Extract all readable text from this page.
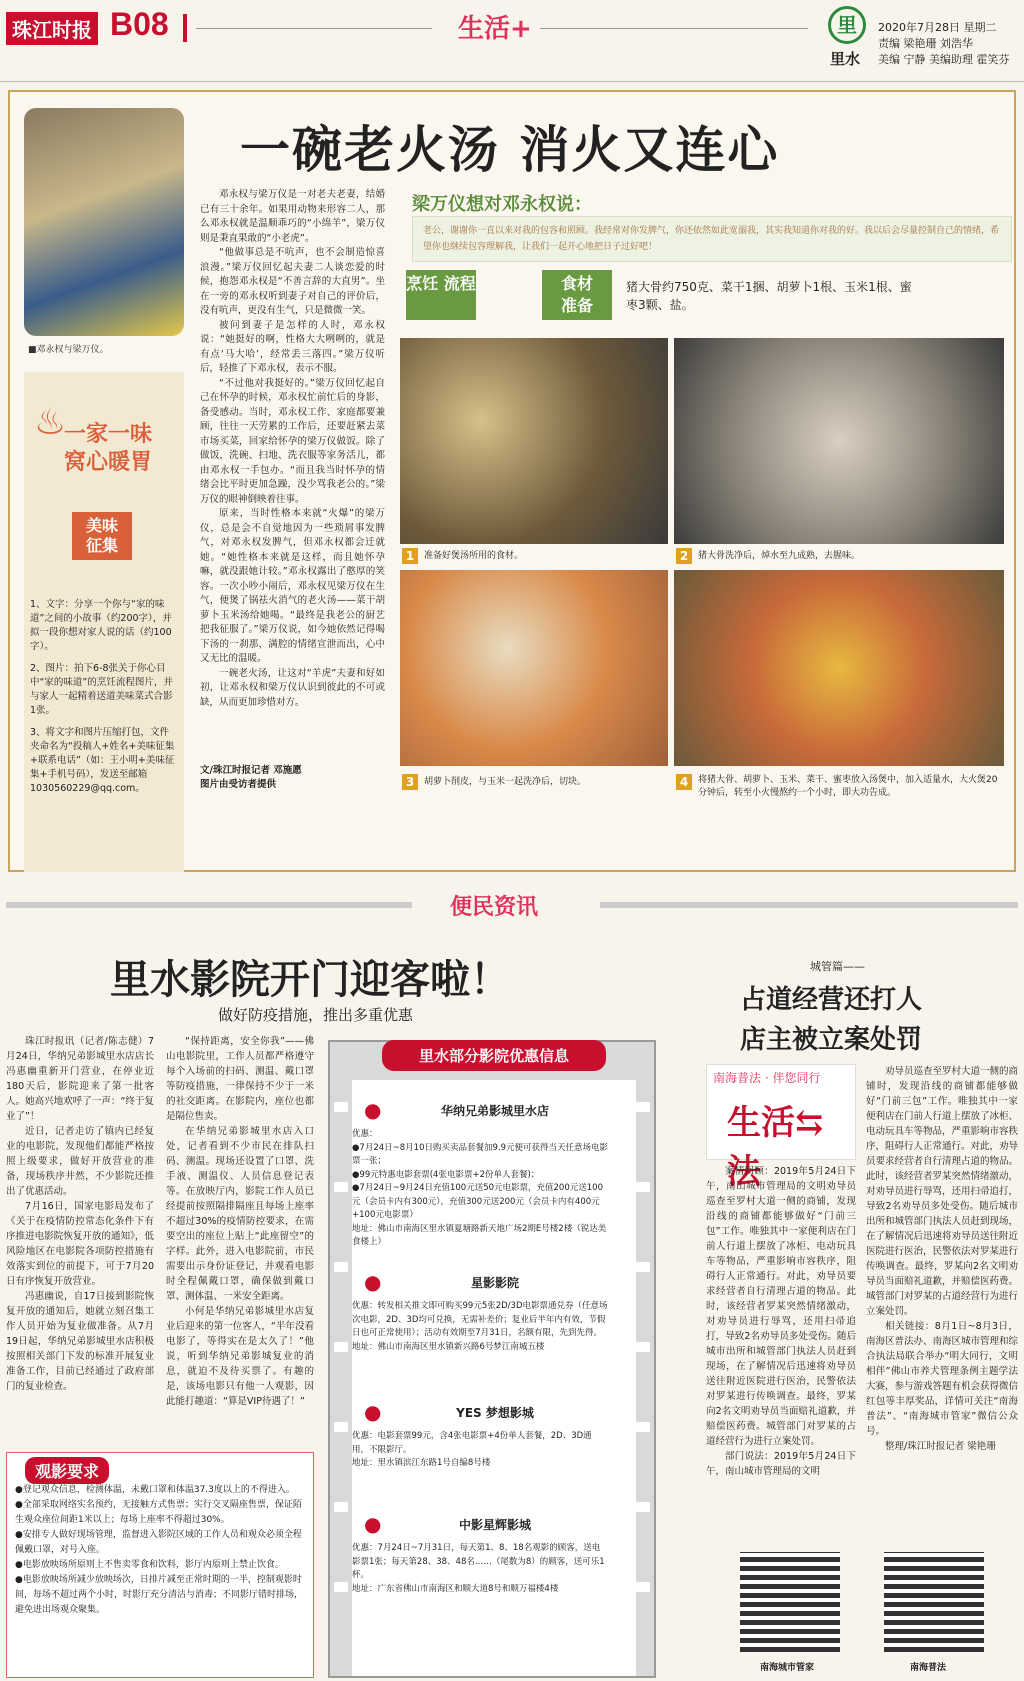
珠江时报 B08	生活+	里
里水
2020年7月28日 星期二
责编 梁艳珊 刘浩华
美编 宁静 美编助理 霍笑芬
一碗老火汤 消火又连心
■邓永权与梁万仪。
♨
一家一味
窝心暖胃
美味
征集

1、文字：分享一个你与“家的味道”之间的小故事（约200字），并拟一段你想对家人说的话（约100字）。

2、图片：拍下6-8张关于你心目中“家的味道”的烹饪流程图片，并与家人一起精着送道美味菜式合影1张。

3、将文字和图片压缩打包，文件夹命名为“投稿人+姓名+美味征集+联系电话”（如：王小明+美味征集+手机号码），发送至邮箱1030560229@qq.com。

邓永权与梁万仪是一对老夫老妻，结婚已有三十余年。如果用动物来形容二人，那么邓永权就是温顺乖巧的“小绵羊”，梁万仪则是秉直果敢的“小老虎”。

“他做事总是不吭声，也不会制造惊喜浪漫。”梁万仪回忆起夫妻二人谈恋爱的时候，抱怨邓永权是“不善言辞的大直男”。坐在一旁的邓永权听到妻子对自己的评价后，没有吭声，更没有生气，只是微微一笑。

被问到妻子是怎样的人时，邓永权说：“她挺好的啊，性格大大咧咧的，就是有点‘马大哈’，经常丢三落四。”梁万仪听后，轻推了下邓永权，表示不服。

“不过他对我挺好的。”梁万仪回忆起自己在怀孕的时候，邓永权忙前忙后的身影，备受感动。当时，邓永权工作、家庭都要兼顾，往往一天劳累的工作后，还要赶紧去菜市场买菜，回家给怀孕的梁万仪做饭。除了做饭，洗碗、扫地、洗衣服等家务活儿，都由邓永权一手包办。“而且我当时怀孕的情绪会比平时更加急躁，没少骂我老公的。”梁万仪的眼神倒映着往事。

原来，当时性格本来就“火爆”的梁万仪，总是会不自觉地因为一些琐屑事发脾气，对邓永权发脾气，但邓永权都会迁就她。“她性格本来就是这样，而且她怀孕嘛，就没跟她计较。”邓永权露出了憨厚的笑容。一次小吵小闹后，邓永权见梁万仪在生气，便煲了锅祛火消气的老火汤——菜干胡萝卜玉米汤给她喝。“最终是我老公的厨艺把我征服了。”梁万仪说，如今她依然记得喝下汤的一刹那，满腔的情绪宣泄而出，心中又无比的温暖。

一碗老火汤，让这对“羊虎”夫妻和好如初，让邓永权和梁万仪认识到彼此的不可或缺，从而更加珍惜对方。

文/珠江时报记者 邓施愿
图片由受访者提供
梁万仪想对邓永权说：
老公，谢谢你一直以来对我的包容和照顾。我经常对你发脾气，你还依然如此宽溺我，其实我知道你对我的好。我以后会尽量控制自己的情绪，希望你也继续包容理解我，让我们一起开心地把日子过好吧！
烹饪 流程	食材
准备
猪大骨约750克、菜干1捆、胡萝卜1根、玉米1根、蜜枣3颗、盐。
1	准备好煲汤所用的食材。	2	猪大骨洗净后，焯水至九成熟，去腥味。
3	胡萝卜削皮，与玉米一起洗净后，切块。	4	将猪大骨、胡萝卜、玉米、菜干、蜜枣放入汤煲中，加入适量水，大火煲20分钟后，转至小火慢熬约一个小时，即大功告成。
便民资讯
里水影院开门迎客啦！
做好防疫措施，推出多重优惠

珠江时报讯（记者/陈志健）7月24日，华纳兄弟影城里水店店长冯惠幽重新开门营业，在停业近180天后，影院迎来了第一批客人。她高兴地欢呼了一声：“终于复业了”！

近日，记者走访了镇内已经复业的电影院，发现他们都能严格按照上级要求，做好开放营业的准备，现场秩序井然，不少影院还推出了优惠活动。

7月16日，国家电影局发布了《关于在疫情防控常态化条件下有序推进电影院恢复开放的通知》，低风险地区在电影院各项防控措施有效落实到位的前提下，可于7月20日有序恢复开放营业。

冯惠幽说，自17日接到影院恢复开放的通知后，她就立刻召集工作人员开始为复业做准备。从7月19日起，华纳兄弟影城里水店积极按照相关部门下发的标准开展复业准备工作，目前已经通过了政府部门的复业检查。

“保持距离，安全你我”——佛山电影院里，工作人员都严格遵守每个入场前的扫码、测温、戴口罩等防疫措施，一律保持不少于一米的社交距离。在影院内，座位也都是隔位售卖。

在华纳兄弟影城里水店入口处，记者看到不少市民在排队扫码、测温。现场还设置了口罩、洗手液、测温仪、人员信息登记表等。在放映厅内，影院工作人员已经提前按照隔排隔座且每场上座率不超过30%的疫情防控要求，在需要空出的座位上贴上“此座留空”的字样。此外，进入电影院前，市民需要出示身份证登记，并观看电影时全程佩戴口罩，确保做到戴口罩、测体温、一米安全距离。

小何是华纳兄弟影城里水店复业后迎来的第一位客人，“半年没看电影了，等得实在是太久了！”他说，听到华纳兄弟影城复业的消息，就迫不及待买票了。有趣的是，该场电影只有他一人观影，因此能打趣道：“算是VIP待遇了！”

观影要求
●登记观众信息，检测体温，未戴口罩和体温37.3度以上的不得进入。
●全部采取网络实名预约，无接触方式售票；实行交叉隔座售票，保证陌生观众座位间距1米以上；每场上座率不得超过30%。
●安排专人做好现场管理，监督进入影院区域的工作人员和观众必须全程佩戴口罩，对号入座。
●电影放映场所原则上不售卖零食和饮料，影厅内原则上禁止饮食。
●电影放映场所减少放映场次，日排片减至正常时期的一半，控制观影时间，每场不超过两个小时，时影厅充分清洁与消毒；不同影厅错时排场，避免进出场观众聚集。
里水部分影院优惠信息
●	华纳兄弟影城里水店
优惠：
●7月24日~8月10日购买卖品套餐加9.9元便可获得当天任意场电影票一张；
●99元特惠电影套票(4张电影票+2份单人套餐)；
●7月24日~9月24日充值100元送50元电影票，充值200元送100元（会员卡内有300元），充值300元送200元（会员卡内有400元+100元电影票）
地址：佛山市南海区里水镇夏塘路新天地广场2期E号楼2楼（锐达美食楼上）
●	星影影院
优惠：转发相关推文即可购买99元5张2D/3D电影票通兑券（任意场次电影，2D、3D均可兑换，无需补差价；复业后半年内有效，节假日也可正常使用）；活动有效期至7月31日，名额有限，先到先得。
地址：佛山市南海区里水镇新兴路6号梦江南城五楼
●	YES 梦想影城
优惠：电影套票99元，含4张电影票+4份单人套餐，2D、3D通用，不限影厅。
地址：里水镇滨江东路1号自编8号楼
●	中影星辉影城
优惠：7月24日~7月31日，每天第1、8、18名观影的顾客，送电影票1张；每天第28、38、48名……（尾数为8）的顾客，送可乐1杯。
地址：广东省佛山市南海区和顺大道8号和顺万福楼4楼
城管篇——
占道经营还打人
店主被立案处罚
南海普法 · 伴您同行
生活⇆法

案情回顾：2019年5月24日下午，南山城市管理局的文明劝导员巡查至罗村大道一侧的商铺，发现沿线的商铺都能够做好“门前三包”工作。唯独其中一家便利店在门前人行道上摆放了冰柜、电动玩具车等物品，严重影响市容秩序，阻碍行人正常通行。对此，劝导员要求经营者自行清理占道的物品。此时，该经营者罗某突然情绪激动，对劝导员进行辱骂，还用扫帚追打，导致2名劝导员多处受伤。随后城市出所和城管部门执法人员赶到现场，在了解情况后迅速将劝导员送往附近医院进行医治，民警依法对罗某进行传唤调查。最终，罗某向2名文明劝导员当面赔礼道歉，并赔偿医药费。城管部门对罗某的占道经营行为进行立案处罚。

部门说法：2019年5月24日下午，南山城市管理局的文明

劝导员巡查至罗村大道一侧的商铺时，发现沿线的商铺都能够做好“门前三包”工作。唯独其中一家便利店在门前人行道上摆放了冰柜、电动玩具车等物品，严重影响市容秩序，阻碍行人正常通行。对此，劝导员要求经营者自行清理占道的物品。此时，该经营者罗某突然情绪激动，对劝导员进行辱骂，还用扫帚追打，导致2名劝导员多处受伤。随后城市出所和城管部门执法人员赶到现场，在了解情况后迅速将劝导员送往附近医院进行医治，民警依法对罗某进行传唤调查。最终，罗某向2名文明劝导员当面赔礼道歉，并赔偿医药费。城管部门对罗某的占道经营行为进行立案处罚。

相关链接：8月1日~8月3日，南海区普法办、南海区城市管理和综合执法局联合举办“明大同行，文明相伴”佛山市养犬管理条例主题学法大赛，参与游戏答题有机会获得微信红包等丰厚奖品，详情可关注“南海普法”、“南海城市管家”微信公众号。

整理/珠江时报记者 梁艳珊

南海城市管家	南海普法
